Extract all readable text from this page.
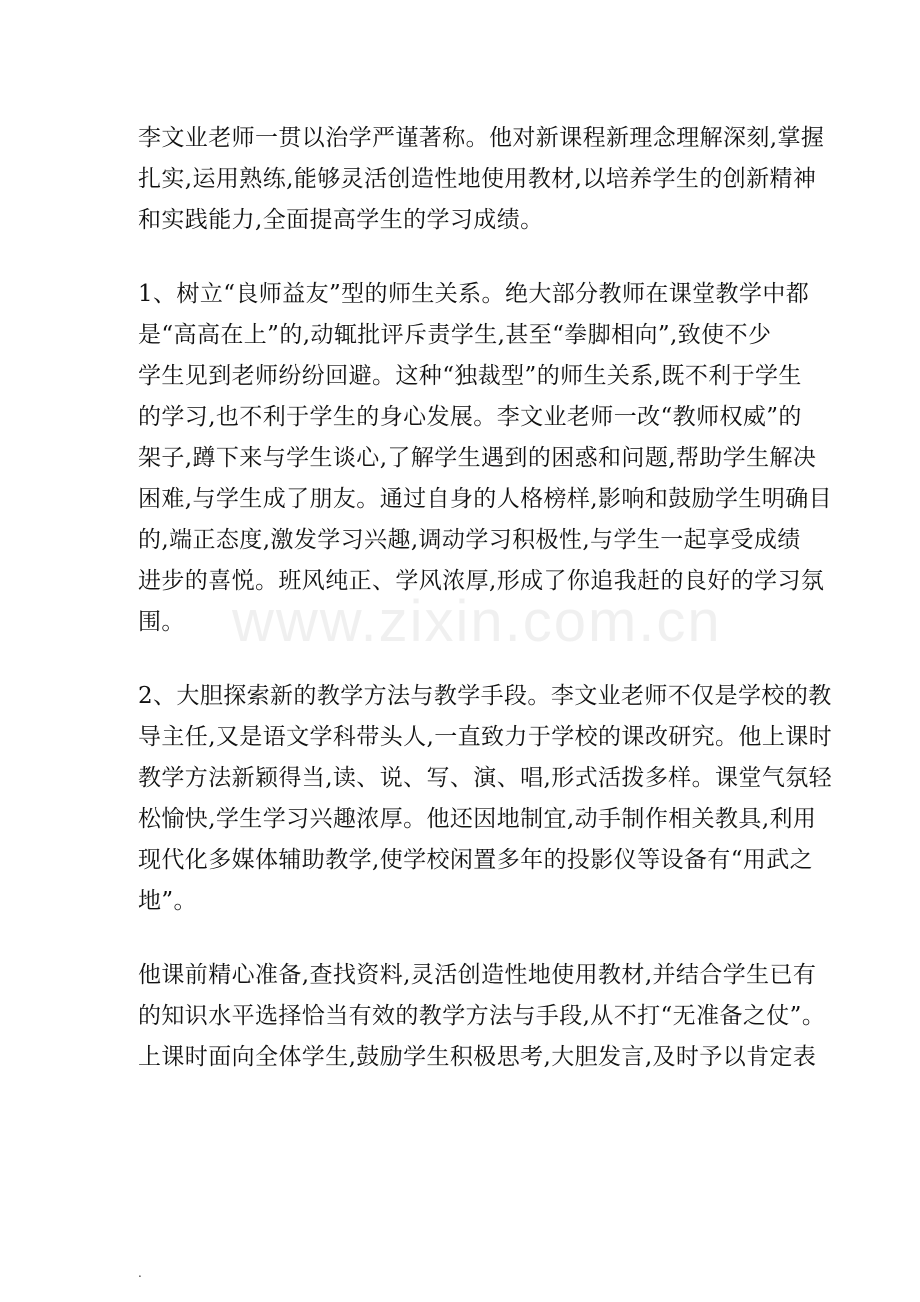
李文业老师一贯以治学严谨著称。他对新课程新理念理解深刻,掌握
扎实,运用熟练,能够灵活创造性地使用教材,以培养学生的创新精神
和实践能力,全面提高学生的学习成绩。

1、树立“良师益友”型的师生关系。绝大部分教师在课堂教学中都
是“高高在上”的,动辄批评斥责学生,甚至“拳脚相向”,致使不少
学生见到老师纷纷回避。这种“独裁型”的师生关系,既不利于学生
的学习,也不利于学生的身心发展。李文业老师一改“教师权威”的
架子,蹲下来与学生谈心,了解学生遇到的困惑和问题,帮助学生解决
困难,与学生成了朋友。通过自身的人格榜样,影响和鼓励学生明确目
的,端正态度,激发学习兴趣,调动学习积极性,与学生一起享受成绩
进步的喜悦。班风纯正、学风浓厚,形成了你追我赶的良好的学习氛
围。

2、大胆探索新的教学方法与教学手段。李文业老师不仅是学校的教
导主任,又是语文学科带头人,一直致力于学校的课改研究。他上课时
教学方法新颖得当,读、说、写、演、唱,形式活拨多样。课堂气氛轻
松愉快,学生学习兴趣浓厚。他还因地制宜,动手制作相关教具,利用
现代化多媒体辅助教学,使学校闲置多年的投影仪等设备有“用武之
地”。

他课前精心准备,查找资料,灵活创造性地使用教材,并结合学生已有
的知识水平选择恰当有效的教学方法与手段,从不打“无准备之仗”。
上课时面向全体学生,鼓励学生积极思考,大胆发言,及时予以肯定表

www.zixin.com.cn
.
